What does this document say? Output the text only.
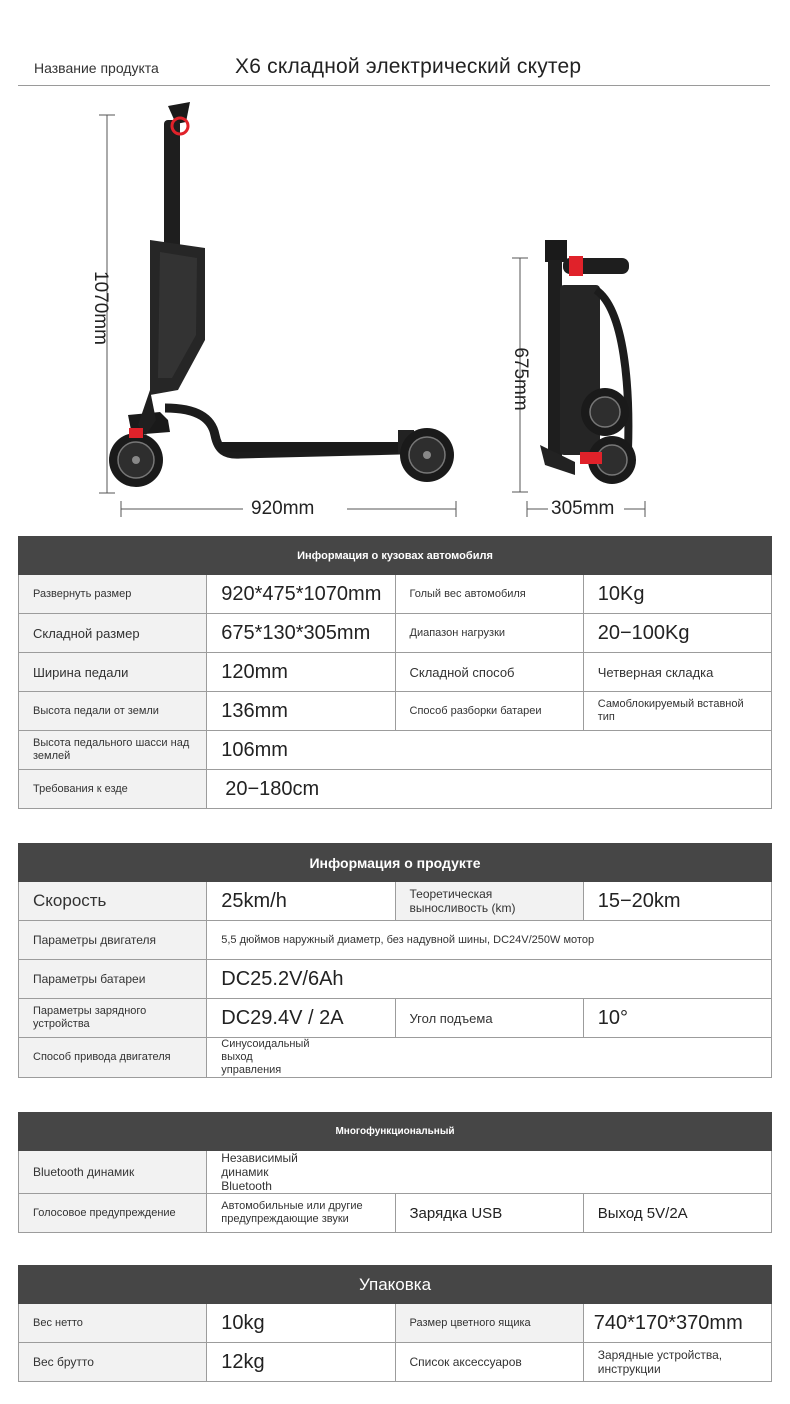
Название продукта	X6 складной электрический скутер
1070mm
920mm
675mm
305mm
Информация о кузовах автомобиля			
Развернуть размер	920*475*1070mm	Голый вес автомобиля	10Kg
Складной размер	675*130*305mm	Диапазон нагрузки	20−100Kg
Ширина педали	120mm	Складной способ	Четверная складка
Высота педали от земли	136mm	Способ разборки батареи	Самоблокируемый вставной тип
Высота педального шасси над землей	106mm		
Требования к езде	20−180cm		
Информация о продукте			
Скорость	25km/h	Теоретическая выносливость (km)	15−20km
Параметры двигателя	5,5 дюймов наружный диаметр, без надувной шины, DC24V/250W мотор		
Параметры батареи	DC25.2V/6Ah		
Параметры зарядного устройства	DC29.4V / 2A	Угол подъема	10°
Способ привода двигателя	Синусоидальный выход управления		
Многофункциональный			
Bluetooth динамик	Независимый динамик Bluetooth		
Голосовое предупреждение	Автомобильные или другие предупреждающие звуки	Зарядка USB	Выход 5V/2A
Упаковка			
Вес нетто	10kg	Размер цветного ящика	740*170*370mm
Вес брутто	12kg	Список аксессуаров	Зарядные устройства, инструкции
